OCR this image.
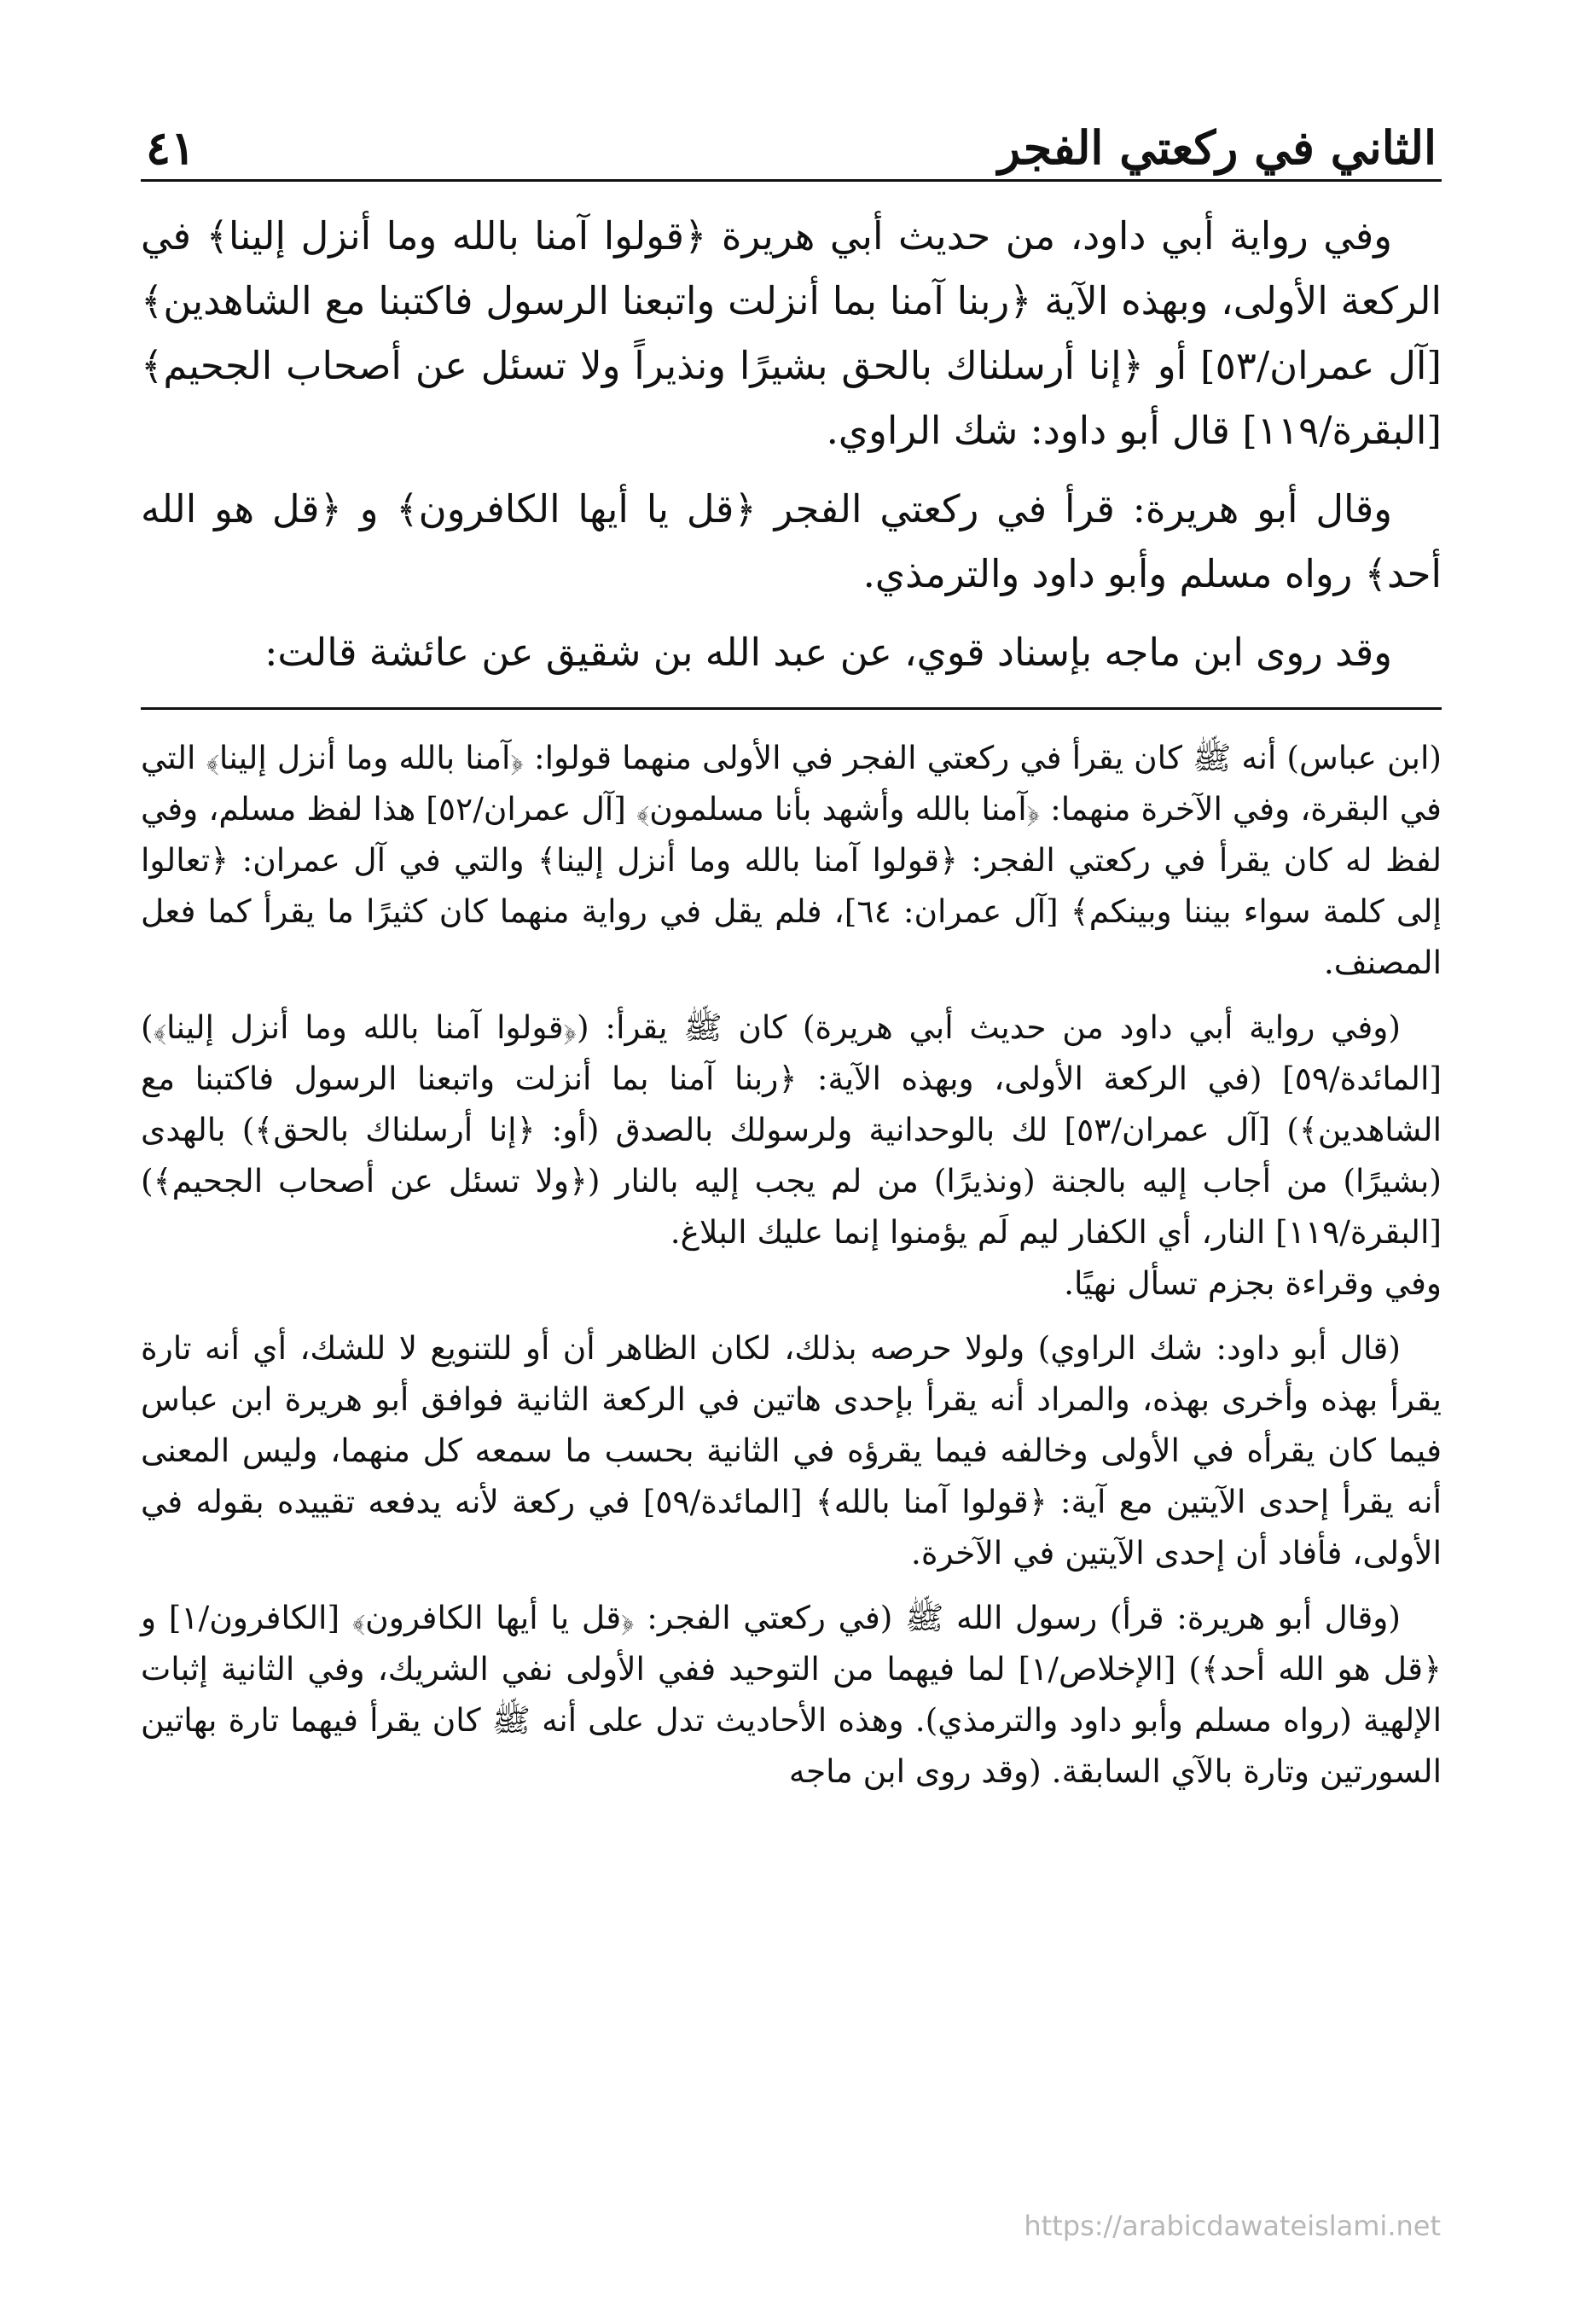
الثاني في ركعتي الفجر
٤١

وفي رواية أبي داود، من حديث أبي هريرة ﴿قولوا آمنا بالله وما أنزل إلينا﴾ في الركعة الأولى، وبهذه الآية ﴿ربنا آمنا بما أنزلت واتبعنا الرسول فاكتبنا مع الشاهدين﴾ [آل عمران/٥٣] أو ﴿إنا أرسلناك بالحق بشيرًا ونذيراً ولا تسئل عن أصحاب الجحيم﴾ [البقرة/١١٩] قال أبو داود: شك الراوي.

وقال أبو هريرة: قرأ في ركعتي الفجر ﴿قل يا أيها الكافرون﴾ و ﴿قل هو الله أحد﴾ رواه مسلم وأبو داود والترمذي.

وقد روى ابن ماجه بإسناد قوي، عن عبد الله بن شقيق عن عائشة قالت:

(ابن عباس) أنه ﷺ كان يقرأ في ركعتي الفجر في الأولى منهما قولوا: ﴿آمنا بالله وما أنزل إلينا﴾ التي في البقرة، وفي الآخرة منهما: ﴿آمنا بالله وأشهد بأنا مسلمون﴾ [آل عمران/٥٢] هذا لفظ مسلم، وفي لفظ له كان يقرأ في ركعتي الفجر: ﴿قولوا آمنا بالله وما أنزل إلينا﴾ والتي في آل عمران: ﴿تعالوا إلى كلمة سواء بيننا وبينكم﴾ [آل عمران: ٦٤]، فلم يقل في رواية منهما كان كثيرًا ما يقرأ كما فعل المصنف.

(وفي رواية أبي داود من حديث أبي هريرة) كان ﷺ يقرأ: (﴿قولوا آمنا بالله وما أنزل إلينا﴾) [المائدة/٥٩] (في الركعة الأولى، وبهذه الآية: ﴿ربنا آمنا بما أنزلت واتبعنا الرسول فاكتبنا مع الشاهدين﴾) [آل عمران/٥٣] لك بالوحدانية ولرسولك بالصدق (أو: ﴿إنا أرسلناك بالحق﴾) بالهدى (بشيرًا) من أجاب إليه بالجنة (ونذيرًا) من لم يجب إليه بالنار (﴿ولا تسئل عن أصحاب الجحيم﴾) [البقرة/١١٩] النار، أي الكفار ليم لَم يؤمنوا إنما عليك البلاغ.

وفي وقراءة بجزم تسأل نهيًا.

(قال أبو داود: شك الراوي) ولولا حرصه بذلك، لكان الظاهر أن أو للتنويع لا للشك، أي أنه تارة يقرأ بهذه وأخرى بهذه، والمراد أنه يقرأ بإحدى هاتين في الركعة الثانية فوافق أبو هريرة ابن عباس فيما كان يقرأه في الأولى وخالفه فيما يقرؤه في الثانية بحسب ما سمعه كل منهما، وليس المعنى أنه يقرأ إحدى الآيتين مع آية: ﴿قولوا آمنا بالله﴾ [المائدة/٥٩] في ركعة لأنه يدفعه تقييده بقوله في الأولى، فأفاد أن إحدى الآيتين في الآخرة.

(وقال أبو هريرة: قرأ) رسول الله ﷺ (في ركعتي الفجر: ﴿قل يا أيها الكافرون﴾ [الكافرون/١] و ﴿قل هو الله أحد﴾) [الإخلاص/١] لما فيهما من التوحيد ففي الأولى نفي الشريك، وفي الثانية إثبات الإلهية (رواه مسلم وأبو داود والترمذي). وهذه الأحاديث تدل على أنه ﷺ كان يقرأ فيهما تارة بهاتين السورتين وتارة بالآي السابقة. (وقد روى ابن ماجه

https://arabicdawateislami.net
